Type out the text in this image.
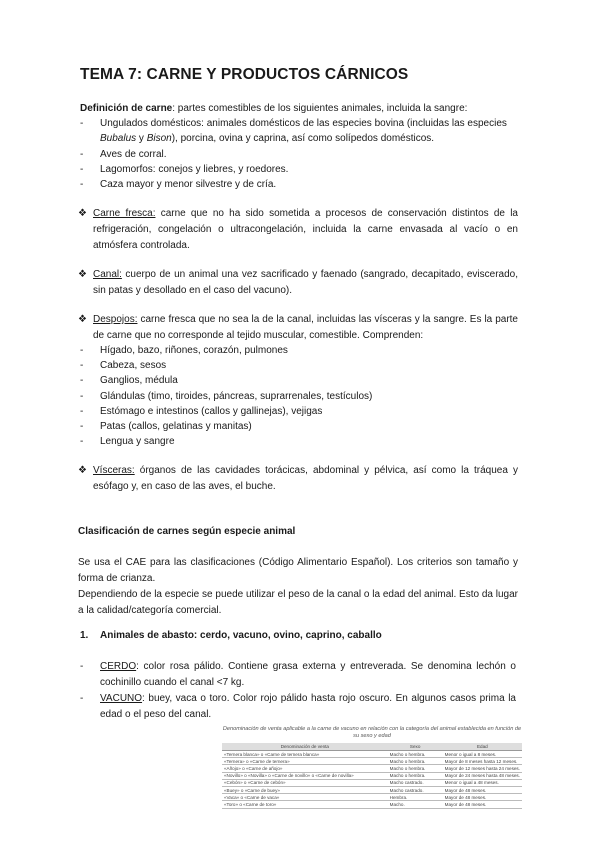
TEMA 7: CARNE Y PRODUCTOS CÁRNICOS

Definición de carne: partes comestibles de los siguientes animales, incluida la sangre:

- Ungulados domésticos: animales domésticos de las especies bovina (incluidas las especies Bubalus y Bison), porcina, ovina y caprina, así como solípedos domésticos.
- Aves de corral.
- Lagomorfos: conejos y liebres, y roedores.
- Caza mayor y menor silvestre y de cría.
❖ Carne fresca: carne que no ha sido sometida a procesos de conservación distintos de la refrigeración, congelación o ultracongelación, incluida la carne envasada al vacío o en atmósfera controlada.
❖ Canal: cuerpo de un animal una vez sacrificado y faenado (sangrado, decapitado, eviscerado, sin patas y desollado en el caso del vacuno).
❖ Despojos: carne fresca que no sea la de la canal, incluidas las vísceras y la sangre. Es la parte de carne que no corresponde al tejido muscular, comestible. Comprenden:
- Hígado, bazo, riñones, corazón, pulmones
- Cabeza, sesos
- Ganglios, médula
- Glándulas (timo, tiroides, páncreas, suprarrenales, testículos)
- Estómago e intestinos (callos y gallinejas), vejigas
- Patas (callos, gelatinas y manitas)
- Lengua y sangre
❖ Vísceras: órganos de las cavidades torácicas, abdominal y pélvica, así como la tráquea y esófago y, en caso de las aves, el buche.
Clasificación de carnes según especie animal

Se usa el CAE para las clasificaciones (Código Alimentario Español). Los criterios son tamaño y forma de crianza.

Dependiendo de la especie se puede utilizar el peso de la canal o la edad del animal. Esto da lugar a la calidad/categoría comercial.

1. Animales de abasto: cerdo, vacuno, ovino, caprino, caballo
- CERDO: color rosa pálido. Contiene grasa externa y entreverada. Se denomina lechón o cochinillo cuando el canal <7 kg.
- VACUNO: buey, vaca o toro. Color rojo pálido hasta rojo oscuro. En algunos casos prima la edad o el peso del canal.
Denominación de venta aplicable a la carne de vacuno en relación con la categoría del animal establecida en función de su sexo y edad
Denominación de venta	Sexo	Edad
«Ternera blanca» o «Carne de ternera blanca»	Macho o hembra.	Menor o igual a 8 meses.
«Ternera» o «Carne de ternera»	Macho o hembra.	Mayor de 8 meses hasta 12 meses.
«Añojo» o «Carne de añojo»	Macho o hembra.	Mayor de 12 meses hasta 24 meses.
«Novillo» o «Novilla» o «Carne de novillo» o «Carne de novilla»	Macho o hembra.	Mayor de 24 meses hasta 48 meses.
«Cebón» o «Carne de cebón»	Macho castrado.	Menor o igual a 48 meses.
«Buey» o «Carne de buey»	Macho castrado.	Mayor de 48 meses.
«Vaca» o «Carne de vaca»	Hembra.	Mayor de 48 meses.
«Toro» o «Carne de toro»	Macho.	Mayor de 48 meses.
